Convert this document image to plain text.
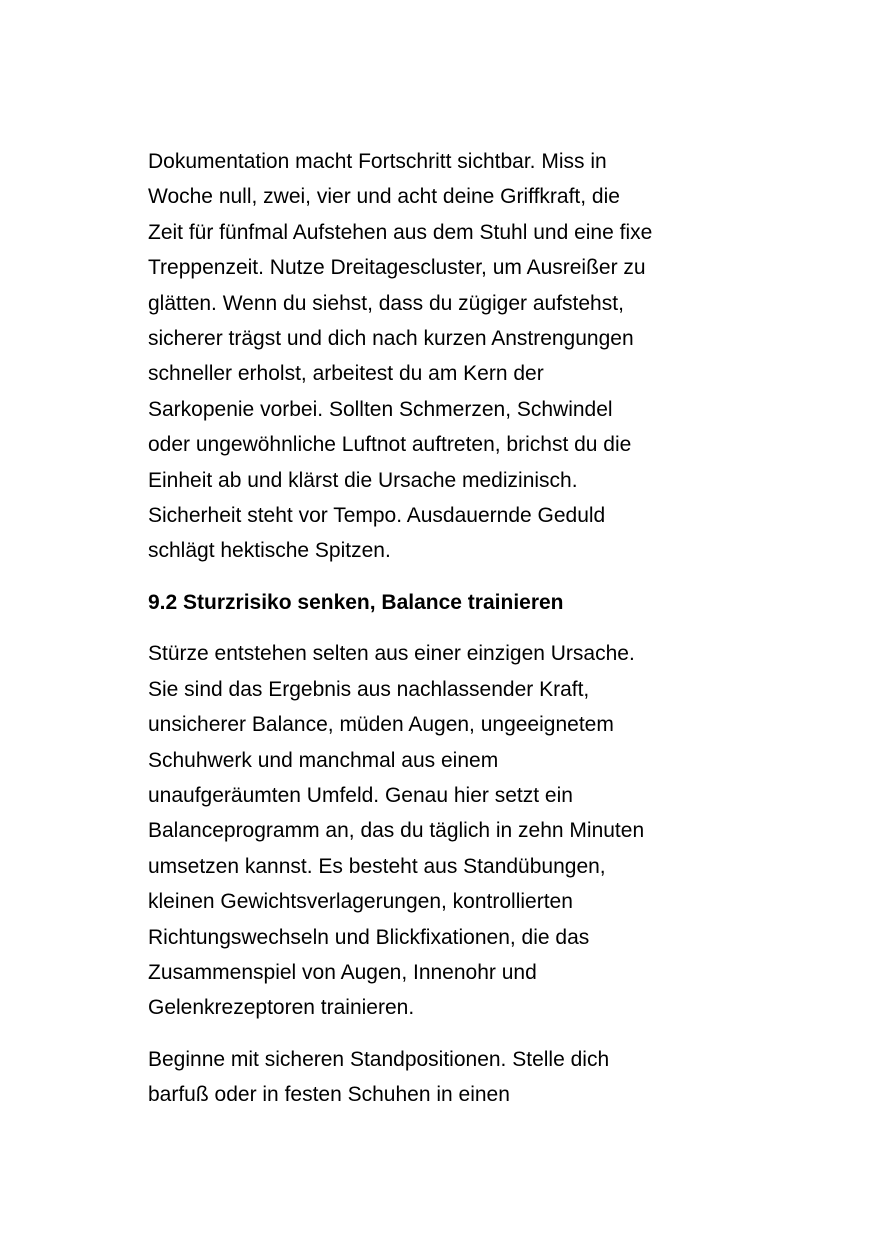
Dokumentation macht Fortschritt sichtbar. Miss in
Woche null, zwei, vier und acht deine Griffkraft, die
Zeit für fünfmal Aufstehen aus dem Stuhl und eine fixe
Treppenzeit. Nutze Dreitagescluster, um Ausreißer zu
glätten. Wenn du siehst, dass du zügiger aufstehst,
sicherer trägst und dich nach kurzen Anstrengungen
schneller erholst, arbeitest du am Kern der
Sarkopenie vorbei. Sollten Schmerzen, Schwindel
oder ungewöhnliche Luftnot auftreten, brichst du die
Einheit ab und klärst die Ursache medizinisch.
Sicherheit steht vor Tempo. Ausdauernde Geduld
schlägt hektische Spitzen.
9.2 Sturzrisiko senken, Balance trainieren
Stürze entstehen selten aus einer einzigen Ursache.
Sie sind das Ergebnis aus nachlassender Kraft,
unsicherer Balance, müden Augen, ungeeignetem
Schuhwerk und manchmal aus einem
unaufgeräumten Umfeld. Genau hier setzt ein
Balanceprogramm an, das du täglich in zehn Minuten
umsetzen kannst. Es besteht aus Standübungen,
kleinen Gewichtsverlagerungen, kontrollierten
Richtungswechseln und Blickfixationen, die das
Zusammenspiel von Augen, Innenohr und
Gelenkrezeptoren trainieren.
Beginne mit sicheren Standpositionen. Stelle dich
barfuß oder in festen Schuhen in einen
